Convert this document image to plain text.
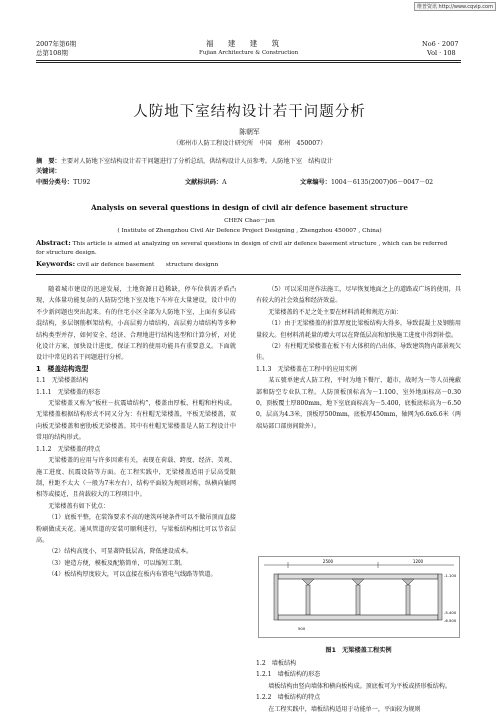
维普资讯 http://www.cqvip.com
2007年第6期
总第108期
福 建 建 筑
Fujian Architecture & Construction
No6 · 2007
Vol · 108
人防地下室结构设计若干问题分析
陈朝军
（郑州市人防工程设计研究所　中国　郑州　450007）
摘　要：主要对人防地下室结构设计若干问题进行了分析总结，供结构设计人员参考。人防地下室　结构设计
关键词：
中图分类号：TU92	文献标识码：A	文章编号：1004－6135(2007)06－0047－02
Analysis on several questions in design of civil air defence basement structure
CHEN Chao－jun
( Institute of Zhengzhou Civil Air Defence Project Designing , Zhengzhou 450007 , China)
Abstract: This article is aimed at analyzing on several questions in design of civil air defence basement structure , which can be referred
for structure design.
Keywords: civil air defence basement　　structure designn

随着城市建设的迅速发展，土地资源日趋稀缺，停车位供需矛盾凸现，大体量功能复杂的人防防空地下室及地下车库在大量建设，设计中的不少新问题也突出起来。有的住宅小区全部为人防地下室，上面有多层砖混结构，多层钢筋框架结构，小高层剪力墙结构，高层剪力墙结构等多种结构类型并存，如何安全、经济、合理地进行结构选型和计算分析，对优化设计方案，加快设计进度，保证工程的使用功能具有重要意义。下面就设计中常见的若干问题进行分析。

1　楼盖结构选型

1.1　无梁楼盖结构

1.1.1　无梁楼盖的形态

无梁楼盖又称为“板柱－抗震墙结构”，楼盖由厚板、柱帽和柱构成。无梁楼盖根据结构形式不同又分为：有柱帽无梁楼盖，平板无梁楼盖，双向板无梁楼盖和密肋板无梁楼盖。其中有柱帽无梁楼盖是人防工程设计中常用的结构形式。

1.1.2　无梁楼盖的特点

无梁楼盖的应用与许多因素有关，表现在荷载、跨度、经济、美观、施工进度、抗震设防等方面。在工程实践中，无梁楼盖适用于层高受限制，柱距不太大（一般为7米左右），结构平面较为规则对称，纵横向轴网相等或接近，且荷载较大的工程项目中。

无梁楼盖有如下优点：

（1）底板平整，在装饰要求不高的建筑环境条件可以不做吊顶而直接粉刷做成天花。通风管道的安装可顺利进行，与梁板结构相比可以节省层高。

（2）结构高度小，可显著降低层高，降低建设成本。

（3）建造方便，模板及配筋简单，可以缩短工期。

（4）板结构厚度较大，可以直接在板内布置电气线路等管道。

（5）可以采用逆作法施工，尽早恢复地面之上的道路或广场的使用，具有较大的社会效益和经济效益。

无梁楼盖的不足之处主要在材料消耗和规范方面：

（1）由于无梁楼盖的折算厚度比梁板结构大得多，导致混凝土及钢筋用量较大。但材料消耗量的增大可以在降低层高和加快施工进度中得到补偿。

（2）有柱帽无梁楼盖在板下有大体积的凸出体，导致建筑物内部景观欠佳。

1.1.3　无梁楼盖在工程中的应用实例

某五號单建式人防工程，平时为地下餐厅、超市，战时为一等人员掩蔽部和防空专业队工程。人防顶板顶标高为－1.100，室外地面标高－0.300，顶板覆土厚800mm，地下室底面标高为－5.400，底板底标高为－6.500，层高为4.3米，顶板厚500mm，底板厚450mm，轴网为6.6x6.6米（两端局部口部房间除外）。

2500	1200
-1.100
-5.400
-6.500
500
图1　无梁楼盖工程实例

1.2　墙板结构

1.2.1　墙板结构的形态

墙板结构由竖向墙体和横向板构成。顶底板可为平板或挤形板结构。

1.2.2　墙板结构的特点

在工程实践中，墙板结构适用于功能单一，平面较为规则
